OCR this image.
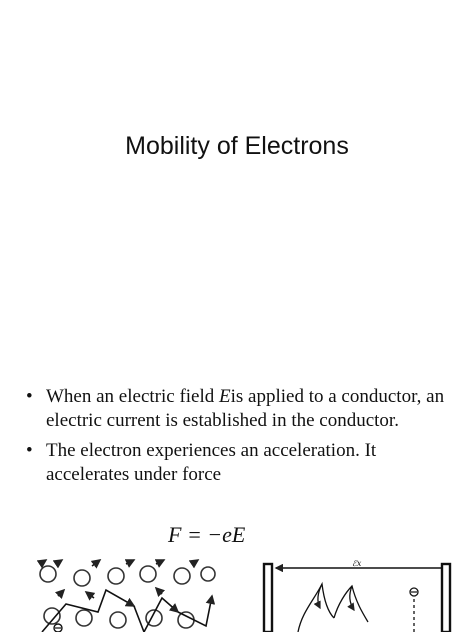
Mobility of Electrons
• When an electric field Eis applied to a conductor, an electric current is established in the conductor.
• The electron experiences an acceleration. It accelerates under force
F = −eE
ℰx
